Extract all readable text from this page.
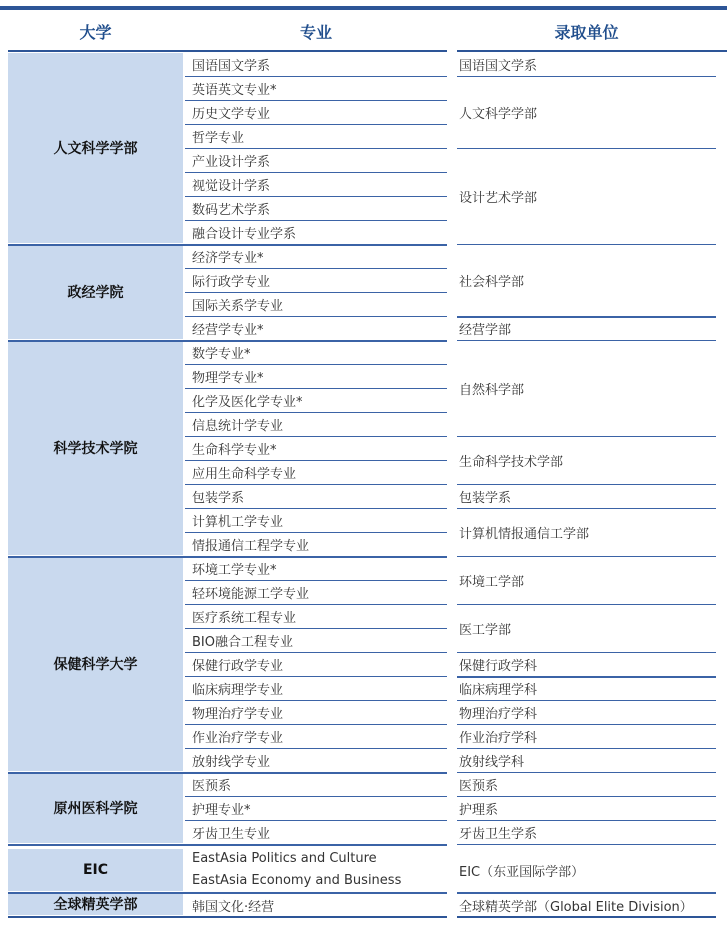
大学	专业	录取单位
人文科学学部
政经学院
科学技术学院
保健科学大学
原州医科学院
EIC
全球精英学部
国语国文学系
英语英文专业*
历史文学专业
哲学专业
产业设计学系
视觉设计学系
数码艺术学系
融合设计专业学系
经济学专业*
际行政学专业
国际关系学专业
经营学专业*
数学专业*
物理学专业*
化学及医化学专业*
信息统计学专业
生命科学专业*
应用生命科学专业
包装学系
计算机工学专业
情报通信工程学专业
环境工学专业*
轻环境能源工学专业
医疗系统工程专业
BIO融合工程专业
保健行政学专业
临床病理学专业
物理治疗学专业
作业治疗学专业
放射线学专业
医预系
护理专业*
牙齿卫生专业
EastAsia Politics and Culture
EastAsia Economy and Business
韩国文化·经营
国语国文学系
人文科学学部
设计艺术学部
社会科学部
经营学部
自然科学部
生命科学技术学部
包装学系
计算机情报通信工学部
环境工学部
医工学部
保健行政学科
临床病理学科
物理治疗学科
作业治疗学科
放射线学科
医预系
护理系
牙齿卫生学系
EIC（东亚国际学部）
全球精英学部（Global Elite Division）
